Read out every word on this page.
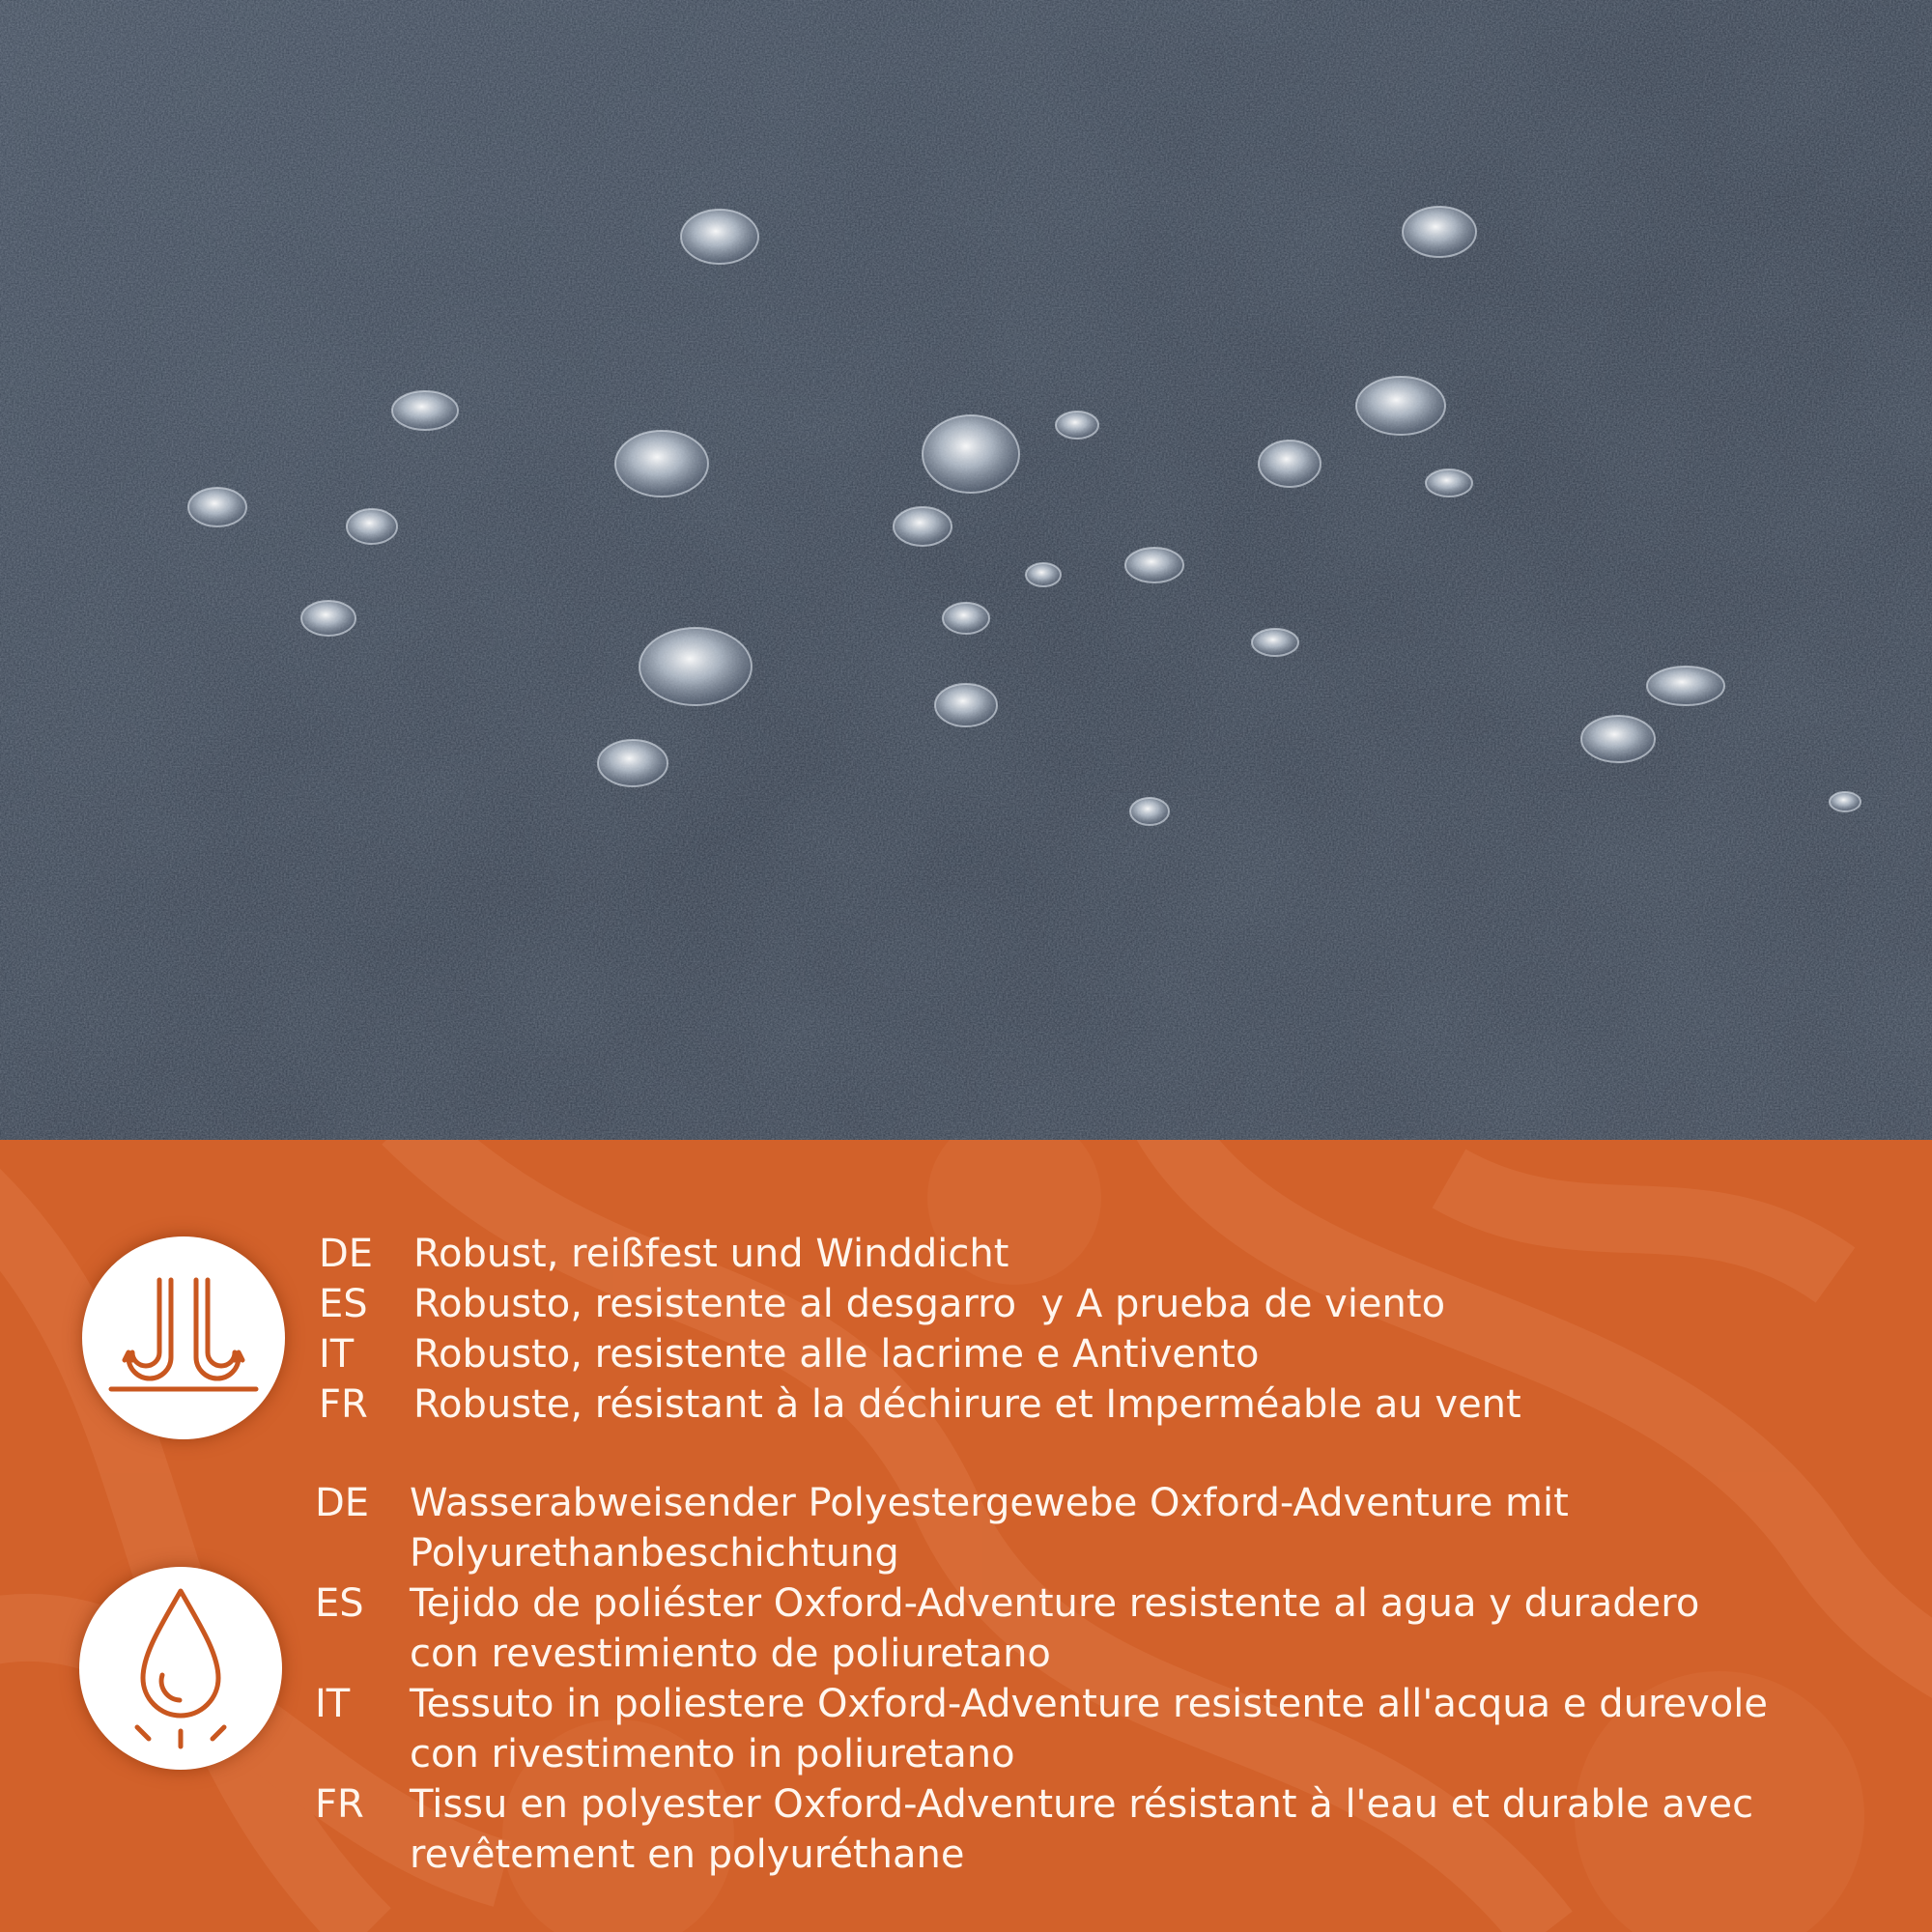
DE	Robust, reißfest und Winddicht
ES	Robusto, resistente al desgarro  y A prueba de viento
IT	Robusto, resistente alle lacrime e Antivento
FR	Robuste, résistant à la déchirure et Imperméable au vent
DE	Wasserabweisender Polyestergewebe Oxford-Adventure mit
Polyurethanbeschichtung
ES	Tejido de poliéster Oxford-Adventure resistente al agua y duradero
con revestimiento de poliuretano
IT	Tessuto in poliestere Oxford-Adventure resistente all'acqua e durevole
con rivestimento in poliuretano
FR	Tissu en polyester Oxford-Adventure résistant à l'eau et durable avec
revêtement en polyuréthane
